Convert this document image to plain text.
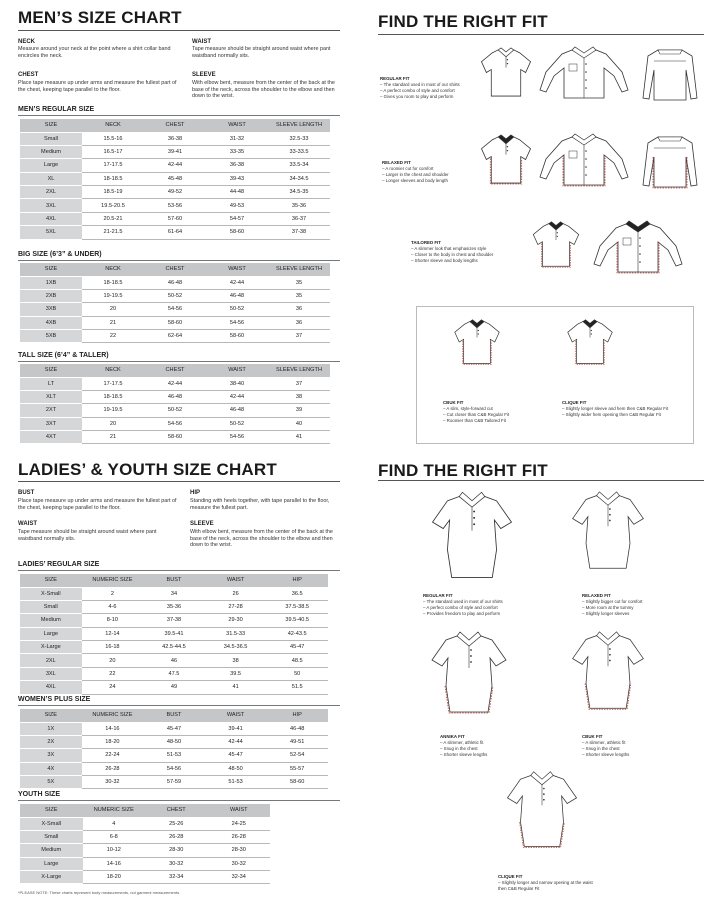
MEN’S SIZE CHART
NECK
Measure around your neck at the point where a shirt collar band encircles the neck.
WAIST
Tape measure should be straight around waist where pant waistband normally sits.
CHEST
Place tape measure up under arms and measure the fullest part of the chest, keeping tape parallel to the floor.
SLEEVE
With elbow bent, measure from the center of the back at the base of the neck, across the shoulder to the elbow and then down to the wrist.
MEN’S REGULAR SIZE
SIZE	NECK	CHEST	WAIST	SLEEVE LENGTH
Small	15.5-16	36-38	31-32	32.5-33
Medium	16.5-17	39-41	33-35	33-33.5
Large	17-17.5	42-44	36-38	33.5-34
XL	18-18.5	45-48	39-43	34-34.5
2XL	18.5-19	49-52	44-48	34.5-35
3XL	19.5-20.5	53-56	49-53	35-36
4XL	20.5-21	57-60	54-57	36-37
5XL	21-21.5	61-64	58-60	37-38
BIG SIZE (6’3” & UNDER)
SIZE	NECK	CHEST	WAIST	SLEEVE LENGTH
1XB	18-18.5	46-48	42-44	35
2XB	19-19.5	50-52	46-48	35
3XB	20	54-56	50-52	36
4XB	21	58-60	54-56	36
5XB	22	62-64	58-60	37
TALL SIZE (6’4” & TALLER)
SIZE	NECK	CHEST	WAIST	SLEEVE LENGTH
LT	17-17.5	42-44	38-40	37
XLT	18-18.5	46-48	42-44	38
2XT	19-19.5	50-52	46-48	39
3XT	20	54-56	50-52	40
4XT	21	58-60	54-56	41
FIND THE RIGHT FIT
REGULAR FIT
– The standard used in most of our shirts
– A perfect combo of style and comfort
– Gives you room to play and perform
RELAXED FIT
– A roomier cut for comfort
– Larger in the chest and shoulder
– Longer sleeves and body length
TAILORED FIT
– A slimmer look that emphasizes style
– Closer to the body in chest and shoulder
– Shorter sleeve and body lengths
CBUK FIT
– A slim, style-forward cut
– Cut closer than C&B Regular Fit
– Roomier than C&B Tailored Fit
CLIQUE FIT
– Slightly longer sleeve and hem then C&B Regular Fit
– Slightly wider hem opening then C&B Regular Fit
LADIES’ & YOUTH SIZE CHART
BUST
Place tape measure up under arms and measure the fullest part of the chest, keeping tape parallel to the floor.
HIP
Standing with heels together, with tape parallel to the floor, measure the fullest part.
WAIST
Tape measure should be straight around waist where pant waistband normally sits.
SLEEVE
With elbow bent, measure from the center of the back at the base of the neck, across the shoulder to the elbow and then down to the wrist.
LADIES’ REGULAR SIZE
SIZE	NUMERIC SIZE	BUST	WAIST	HIP
X-Small	2	34	26	36.5
Small	4-6	35-36	27-28	37.5-38.5
Medium	8-10	37-38	29-30	39.5-40.5
Large	12-14	39.5-41	31.5-33	42-43.5
X-Large	16-18	42.5-44.5	34.5-36.5	45-47
2XL	20	46	38	48.5
3XL	22	47.5	39.5	50
4XL	24	49	41	51.5
WOMEN’S PLUS SIZE
SIZE	NUMERIC SIZE	BUST	WAIST	HIP
1X	14-16	45-47	39-41	46-48
2X	18-20	48-50	42-44	49-51
3X	22-24	51-53	45-47	52-54
4X	26-28	54-56	48-50	55-57
5X	30-32	57-59	51-53	58-60
YOUTH SIZE
SIZE	NUMERIC SIZE	CHEST	WAIST
X-Small	4	25-26	24-25
Small	6-8	26-28	26-28
Medium	10-12	28-30	28-30
Large	14-16	30-32	30-32
X-Large	18-20	32-34	32-34
*PLEASE NOTE: These charts represent body measurements, not garment measurements.
FIND THE RIGHT FIT
REGULAR FIT
– The standard used in most of our shirts
– A perfect combo of style and comfort
– Provides freedom to play and perform
RELAXED FIT
– Slightly bigger cut for comfort
– More room at the tummy
– Slightly longer sleeves
ANNIKA FIT
– A slimmer, athletic fit
– Snug in the chest
– Shorter sleeve lengths
CBUK FIT
– A slimmer, athletic fit
– Snug in the chest
– Shorter sleeve lengths
CLIQUE FIT
– Slightly longer and narrow opening at the waist then C&B Regular Fit
